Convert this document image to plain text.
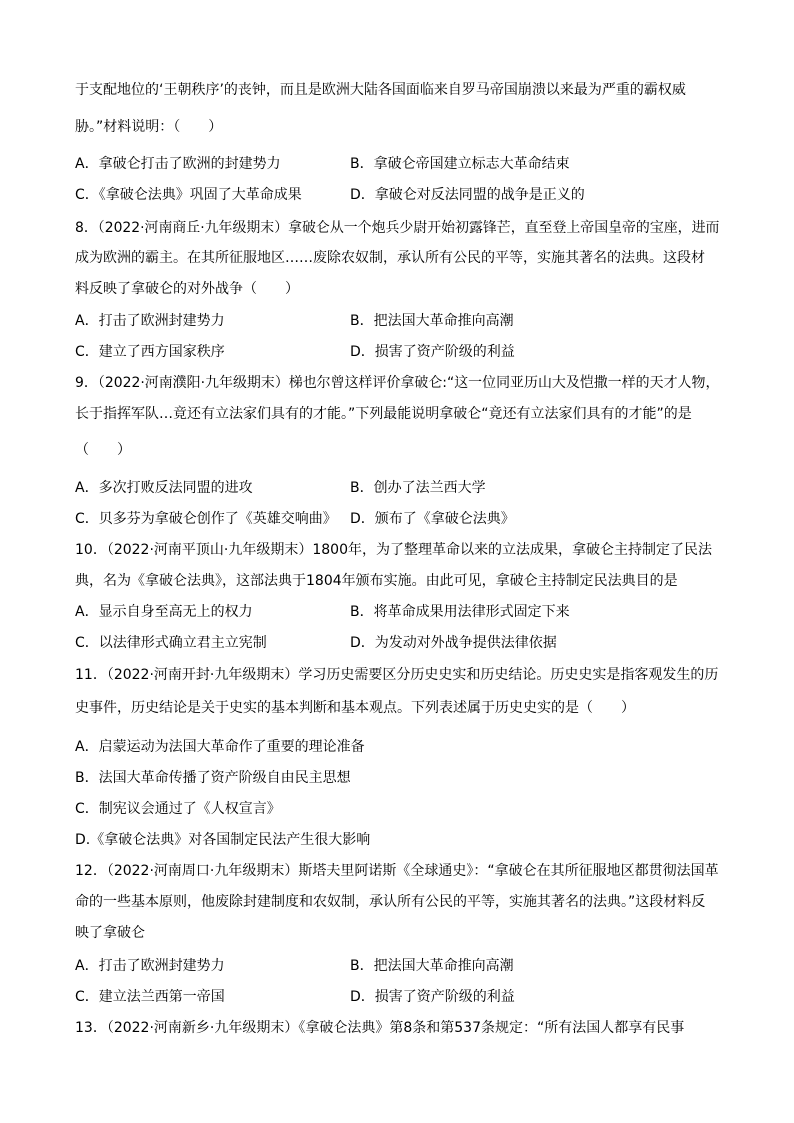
于支配地位的‘王朝秩序’的丧钟，而且是欧洲大陆各国面临来自罗马帝国崩溃以来最为严重的霸权威
胁。”材料说明：（　　）
A．拿破仑打击了欧洲的封建势力	B．拿破仑帝国建立标志大革命结束
C．《拿破仑法典》巩固了大革命成果	D．拿破仑对反法同盟的战争是正义的
8．（2022·河南商丘·九年级期末）拿破仑从一个炮兵少尉开始初露锋芒，直至登上帝国皇帝的宝座，进而
成为欧洲的霸主。在其所征服地区……废除农奴制，承认所有公民的平等，实施其著名的法典。这段材
料反映了拿破仑的对外战争（　　）
A．打击了欧洲封建势力	B．把法国大革命推向高潮
C．建立了西方国家秩序	D．损害了资产阶级的利益
9．（2022·河南濮阳·九年级期末）梯也尔曾这样评价拿破仑:“这一位同亚历山大及恺撒一样的天才人物，
长于指挥军队…竟还有立法家们具有的才能。”下列最能说明拿破仑“竟还有立法家们具有的才能”的是
（　　）
A．多次打败反法同盟的进攻	B．创办了法兰西大学
C．贝多芬为拿破仑创作了《英雄交响曲》 D．颁布了《拿破仑法典》
10．（2022·河南平顶山·九年级期末）1800年，为了整理革命以来的立法成果，拿破仑主持制定了民法
典，名为《拿破仑法典》，这部法典于1804年颁布实施。由此可见，拿破仑主持制定民法典目的是
A．显示自身至高无上的权力	B．将革命成果用法律形式固定下来
C．以法律形式确立君主立宪制	D．为发动对外战争提供法律依据
11．（2022·河南开封·九年级期末）学习历史需要区分历史史实和历史结论。历史史实是指客观发生的历
史事件，历史结论是关于史实的基本判断和基本观点。下列表述属于历史史实的是（　　）
A．启蒙运动为法国大革命作了重要的理论准备
B．法国大革命传播了资产阶级自由民主思想
C．制宪议会通过了《人权宣言》
D.《拿破仑法典》对各国制定民法产生很大影响
12．（2022·河南周口·九年级期末）斯塔夫里阿诺斯《全球通史》：“拿破仑在其所征服地区都贯彻法国革
命的一些基本原则，他废除封建制度和农奴制，承认所有公民的平等，实施其著名的法典。”这段材料反
映了拿破仑
A．打击了欧洲封建势力	B．把法国大革命推向高潮
C．建立法兰西第一帝国	D．损害了资产阶级的利益
13．（2022·河南新乡·九年级期末）《拿破仑法典》第8条和第537条规定：“所有法国人都享有民事
